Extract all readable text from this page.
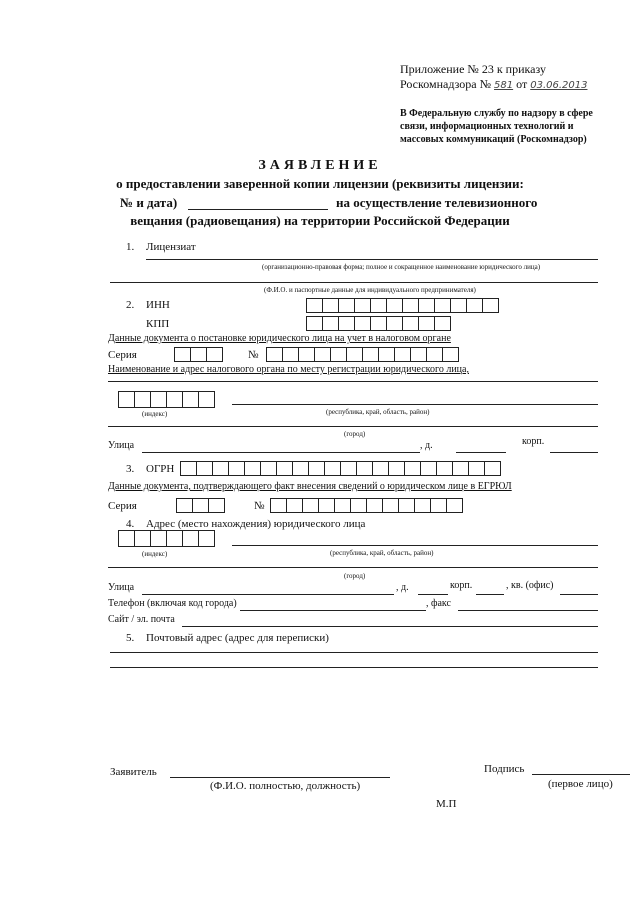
Приложение № 23 к приказу
Роскомнадзора № 581 от 03.06.2013
В Федеральную службу по надзору в сфере
связи, информационных технологий и
массовых коммуникаций (Роскомнадзор)
ЗАЯВЛЕНИЕ
о предоставлении заверенной копии лицензии (реквизиты лицензии:
№ и дата)	на осуществление телевизионного
вещания (радиовещания) на территории Российской Федерации
1. Лицензиат
(организационно-правовая форма; полное и сокращенное наименование юридического лица)
(Ф.И.О. и паспортные данные для индивидуального предпринимателя)
2. ИНН
КПП
Данные документа о постановке юридического лица на учет в налоговом органе
Серия	№
Наименование и адрес налогового органа по месту регистрации юридического лица,
(индекс)	(республика, край, область, район)
(город)
Улица	, д.	корп.
3. ОГРН
Данные документа, подтверждающего факт внесения сведений о юридическом лице в ЕГРЮЛ
Серия	№
4. Адрес (место нахождения) юридического лица
(индекс)	(республика, край, область, район)
(город)
Улица	, д.	корп.	, кв. (офис)
Телефон (включая код города)	, факс
Сайт / эл. почта
5. Почтовый адрес (адрес для переписки)
Заявитель
(Ф.И.О. полностью, должность)
Подпись
(первое лицо)
М.П
